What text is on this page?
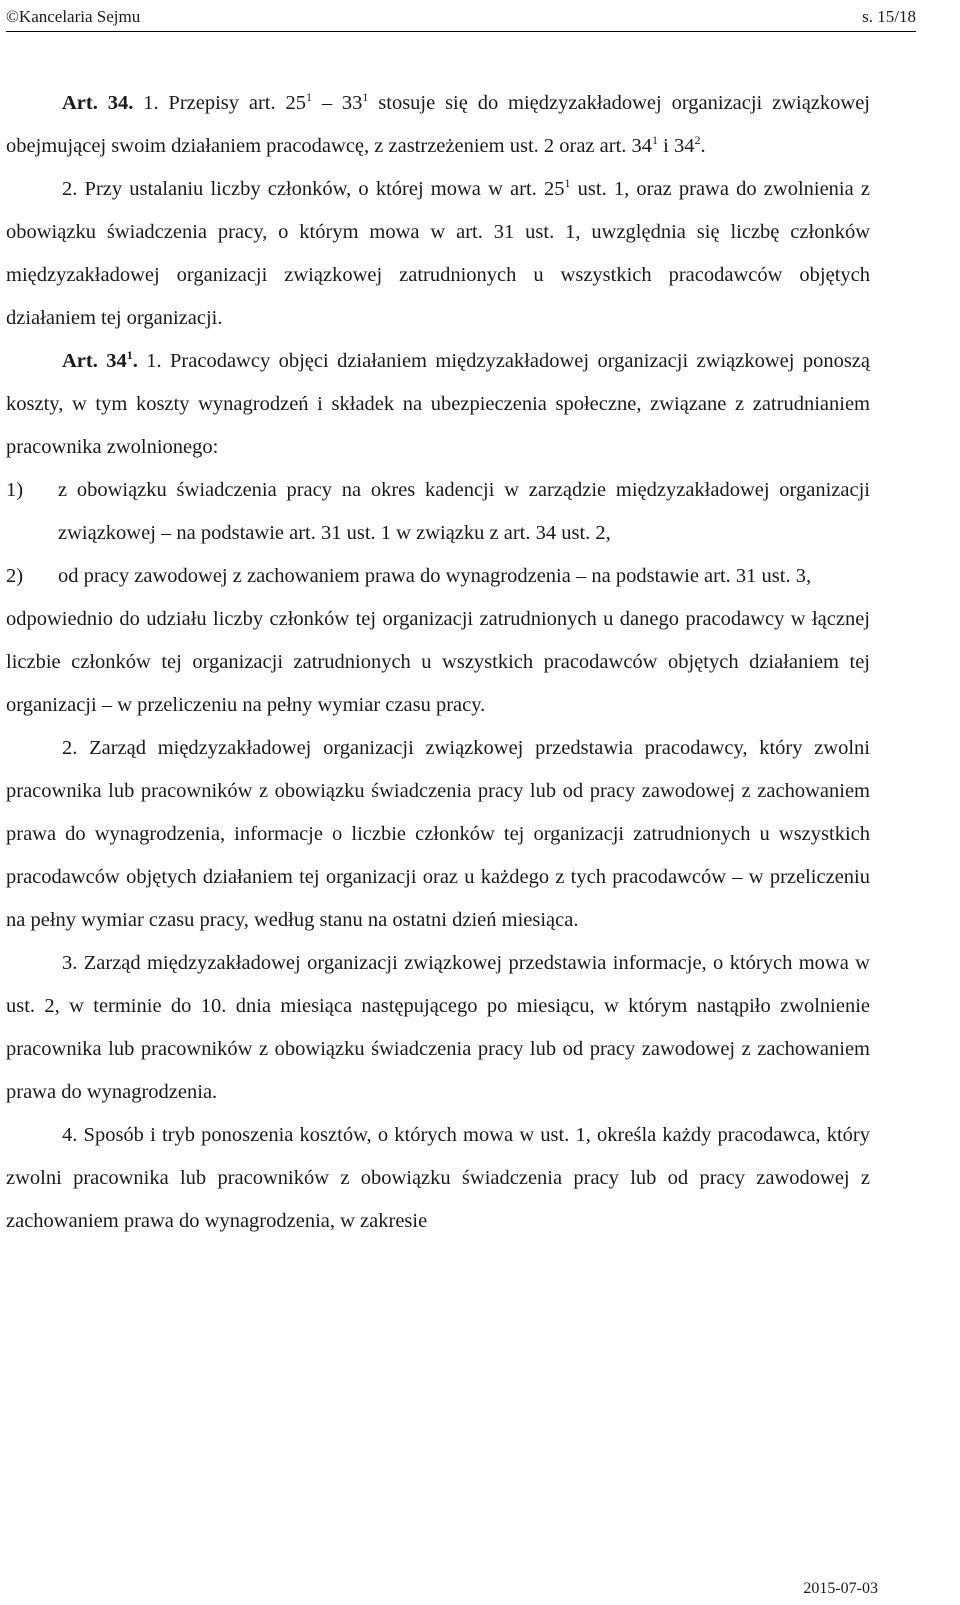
©Kancelaria Sejmu	s. 15/18

Art. 34. 1. Przepisy art. $25^1 - 33^1$ stosuje się do międzyzakładowej organizacji związkowej obejmującej swoim działaniem pracodawcę, z zastrzeżeniem ust. 2 oraz art. $34^1$ i $34^2$.

2. Przy ustalaniu liczby członków, o której mowa w art. $25^1$ ust. 1, oraz prawa do zwolnienia z obowiązku świadczenia pracy, o którym mowa w art. 31 ust. 1, uwzględnia się liczbę członków międzyzakładowej organizacji związkowej zatrudnionych u wszystkich pracodawców objętych działaniem tej organizacji.

Art. $34^1$. 1. Pracodawcy objęci działaniem międzyzakładowej organizacji związkowej ponoszą koszty, w tym koszty wynagrodzeń i składek na ubezpieczenia społeczne, związane z zatrudnianiem pracownika zwolnionego:

1)	z obowiązku świadczenia pracy na okres kadencji w zarządzie międzyzakładowej organizacji związkowej – na podstawie art. 31 ust. 1 w związku z art. 34 ust. 2,
2)	od pracy zawodowej z zachowaniem prawa do wynagrodzenia – na podstawie art. 31 ust. 3,

odpowiednio do udziału liczby członków tej organizacji zatrudnionych u danego pracodawcy w łącznej liczbie członków tej organizacji zatrudnionych u wszystkich pracodawców objętych działaniem tej organizacji – w przeliczeniu na pełny wymiar czasu pracy.

2. Zarząd międzyzakładowej organizacji związkowej przedstawia pracodawcy, który zwolni pracownika lub pracowników z obowiązku świadczenia pracy lub od pracy zawodowej z zachowaniem prawa do wynagrodzenia, informacje o liczbie członków tej organizacji zatrudnionych u wszystkich pracodawców objętych działaniem tej organizacji oraz u każdego z tych pracodawców – w przeliczeniu na pełny wymiar czasu pracy, według stanu na ostatni dzień miesiąca.

3. Zarząd międzyzakładowej organizacji związkowej przedstawia informacje, o których mowa w ust. 2, w terminie do 10. dnia miesiąca następującego po miesiącu, w którym nastąpiło zwolnienie pracownika lub pracowników z obowiązku świadczenia pracy lub od pracy zawodowej z zachowaniem prawa do wynagrodzenia.

4. Sposób i tryb ponoszenia kosztów, o których mowa w ust. 1, określa każdy pracodawca, który zwolni pracownika lub pracowników z obowiązku świadczenia pracy lub od pracy zawodowej z zachowaniem prawa do wynagrodzenia, w zakresie

2015-07-03
